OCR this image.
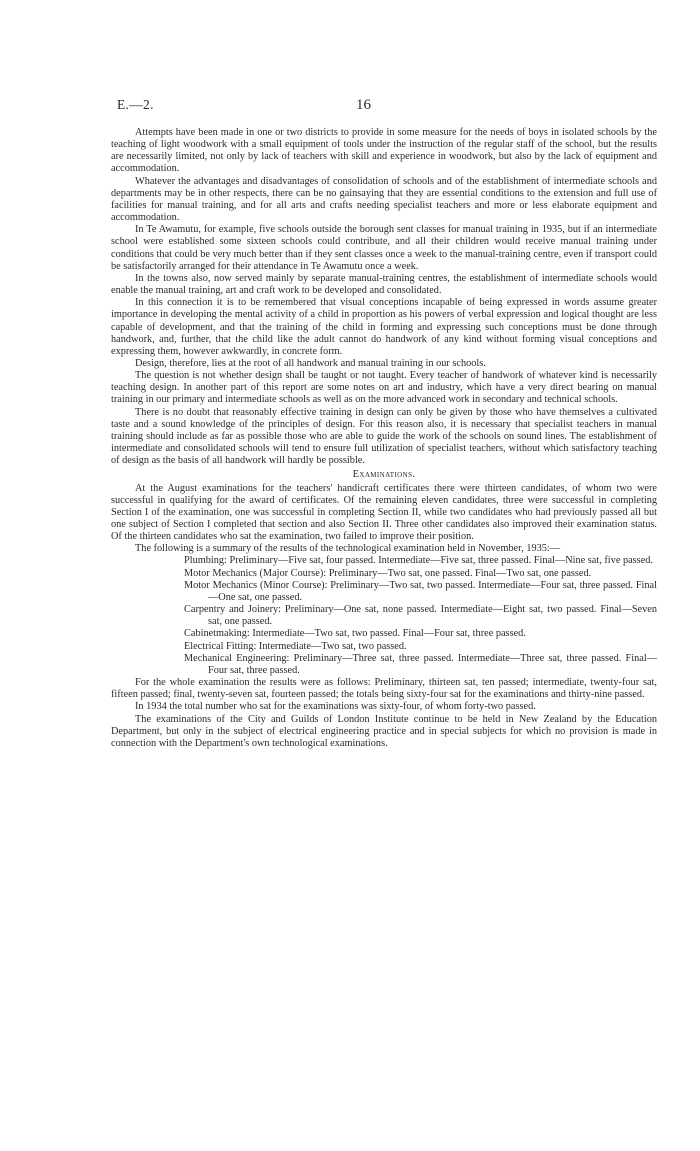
E.—2.	16

Attempts have been made in one or two districts to provide in some measure for the needs of boys in isolated schools by the teaching of light woodwork with a small equipment of tools under the instruction of the regular staff of the school, but the results are necessarily limited, not only by lack of teachers with skill and experience in woodwork, but also by the lack of equipment and accommodation.

Whatever the advantages and disadvantages of consolidation of schools and of the establishment of intermediate schools and departments may be in other respects, there can be no gainsaying that they are essential conditions to the extension and full use of facilities for manual training, and for all arts and crafts needing specialist teachers and more or less elaborate equipment and accommodation.

In Te Awamutu, for example, five schools outside the borough sent classes for manual training in 1935, but if an intermediate school were established some sixteen schools could contribute, and all their children would receive manual training under conditions that could be very much better than if they sent classes once a week to the manual-training centre, even if transport could be satisfactorily arranged for their attendance in Te Awamutu once a week.

In the towns also, now served mainly by separate manual-training centres, the establishment of intermediate schools would enable the manual training, art and craft work to be developed and consolidated.

In this connection it is to be remembered that visual conceptions incapable of being expressed in words assume greater importance in developing the mental activity of a child in proportion as his powers of verbal expression and logical thought are less capable of development, and that the training of the child in forming and expressing such conceptions must be done through handwork, and, further, that the child like the adult cannot do handwork of any kind without forming visual conceptions and expressing them, however awkwardly, in concrete form.

Design, therefore, lies at the root of all handwork and manual training in our schools.

The question is not whether design shall be taught or not taught. Every teacher of handwork of whatever kind is necessarily teaching design. In another part of this report are some notes on art and industry, which have a very direct bearing on manual training in our primary and intermediate schools as well as on the more advanced work in secondary and technical schools.

There is no doubt that reasonably effective training in design can only be given by those who have themselves a cultivated taste and a sound knowledge of the principles of design. For this reason also, it is necessary that specialist teachers in manual training should include as far as possible those who are able to guide the work of the schools on sound lines. The establishment of intermediate and consolidated schools will tend to ensure full utilization of specialist teachers, without which satisfactory teaching of design as the basis of all handwork will hardly be possible.

Examinations.

At the August examinations for the teachers' handicraft certificates there were thirteen candidates, of whom two were successful in qualifying for the award of certificates. Of the remaining eleven candidates, three were successful in completing Section I of the examination, one was successful in completing Section II, while two candidates who had previously passed all but one subject of Section I completed that section and also Section II. Three other candidates also improved their examination status. Of the thirteen candidates who sat the examination, two failed to improve their position.

The following is a summary of the results of the technological examination held in November, 1935:—

Plumbing: Preliminary—Five sat, four passed. Intermediate—Five sat, three passed. Final—Nine sat, five passed.
Motor Mechanics (Major Course): Preliminary—Two sat, one passed. Final—Two sat, one passed.
Motor Mechanics (Minor Course): Preliminary—Two sat, two passed. Intermediate—Four sat, three passed. Final—One sat, one passed.
Carpentry and Joinery: Preliminary—One sat, none passed. Intermediate—Eight sat, two passed. Final—Seven sat, one passed.
Cabinetmaking: Intermediate—Two sat, two passed. Final—Four sat, three passed.
Electrical Fitting: Intermediate—Two sat, two passed.
Mechanical Engineering: Preliminary—Three sat, three passed. Intermediate—Three sat, three passed. Final—Four sat, three passed.

For the whole examination the results were as follows: Preliminary, thirteen sat, ten passed; intermediate, twenty-four sat, fifteen passed; final, twenty-seven sat, fourteen passed; the totals being sixty-four sat for the examinations and thirty-nine passed.

In 1934 the total number who sat for the examinations was sixty-four, of whom forty-two passed.

The examinations of the City and Guilds of London Institute continue to be held in New Zealand by the Education Department, but only in the subject of electrical engineering practice and in special subjects for which no provision is made in connection with the Department's own technological examinations.
